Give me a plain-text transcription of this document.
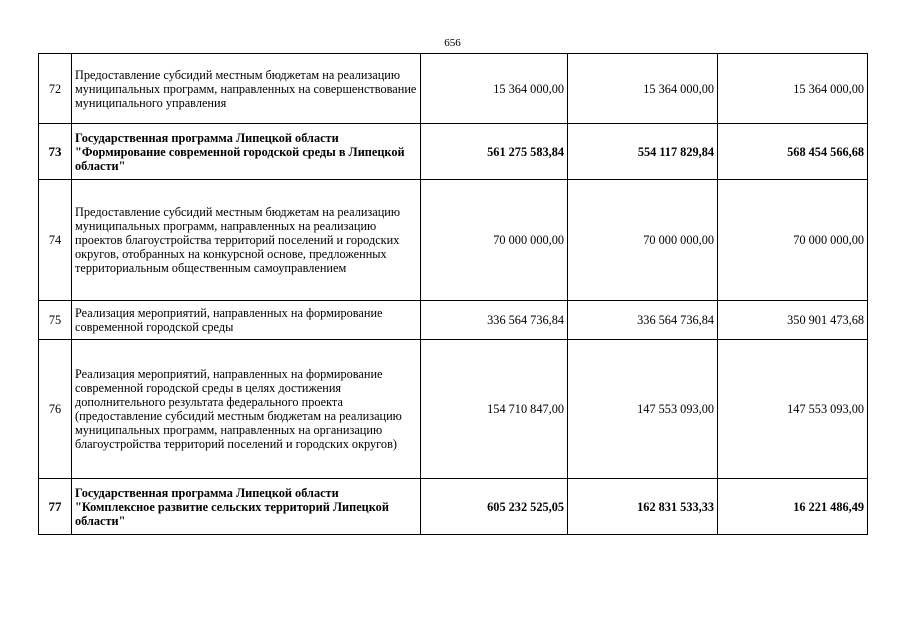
656
72	Предоставление субсидий местным бюджетам на реализацию муниципальных программ, направленных на совершенствование муниципального управления	15 364 000,00	15 364 000,00	15 364 000,00
73	Государственная программа Липецкой области "Формирование современной городской среды в Липецкой области"	561 275 583,84	554 117 829,84	568 454 566,68
74	Предоставление субсидий местным бюджетам на реализацию муниципальных программ, направленных на реализацию проектов благоустройства территорий поселений и городских округов, отобранных на конкурсной основе, предложенных территориальным общественным самоуправлением	70 000 000,00	70 000 000,00	70 000 000,00
75	Реализация мероприятий, направленных на формирование современной городской среды	336 564 736,84	336 564 736,84	350 901 473,68
76	Реализация мероприятий, направленных на формирование современной городской среды в целях достижения дополнительного результата федерального проекта (предоставление субсидий местным бюджетам на реализацию муниципальных программ, направленных на организацию благоустройства территорий поселений и городских округов)	154 710 847,00	147 553 093,00	147 553 093,00
77	Государственная программа Липецкой области "Комплексное развитие сельских территорий Липецкой области"	605 232 525,05	162 831 533,33	16 221 486,49
